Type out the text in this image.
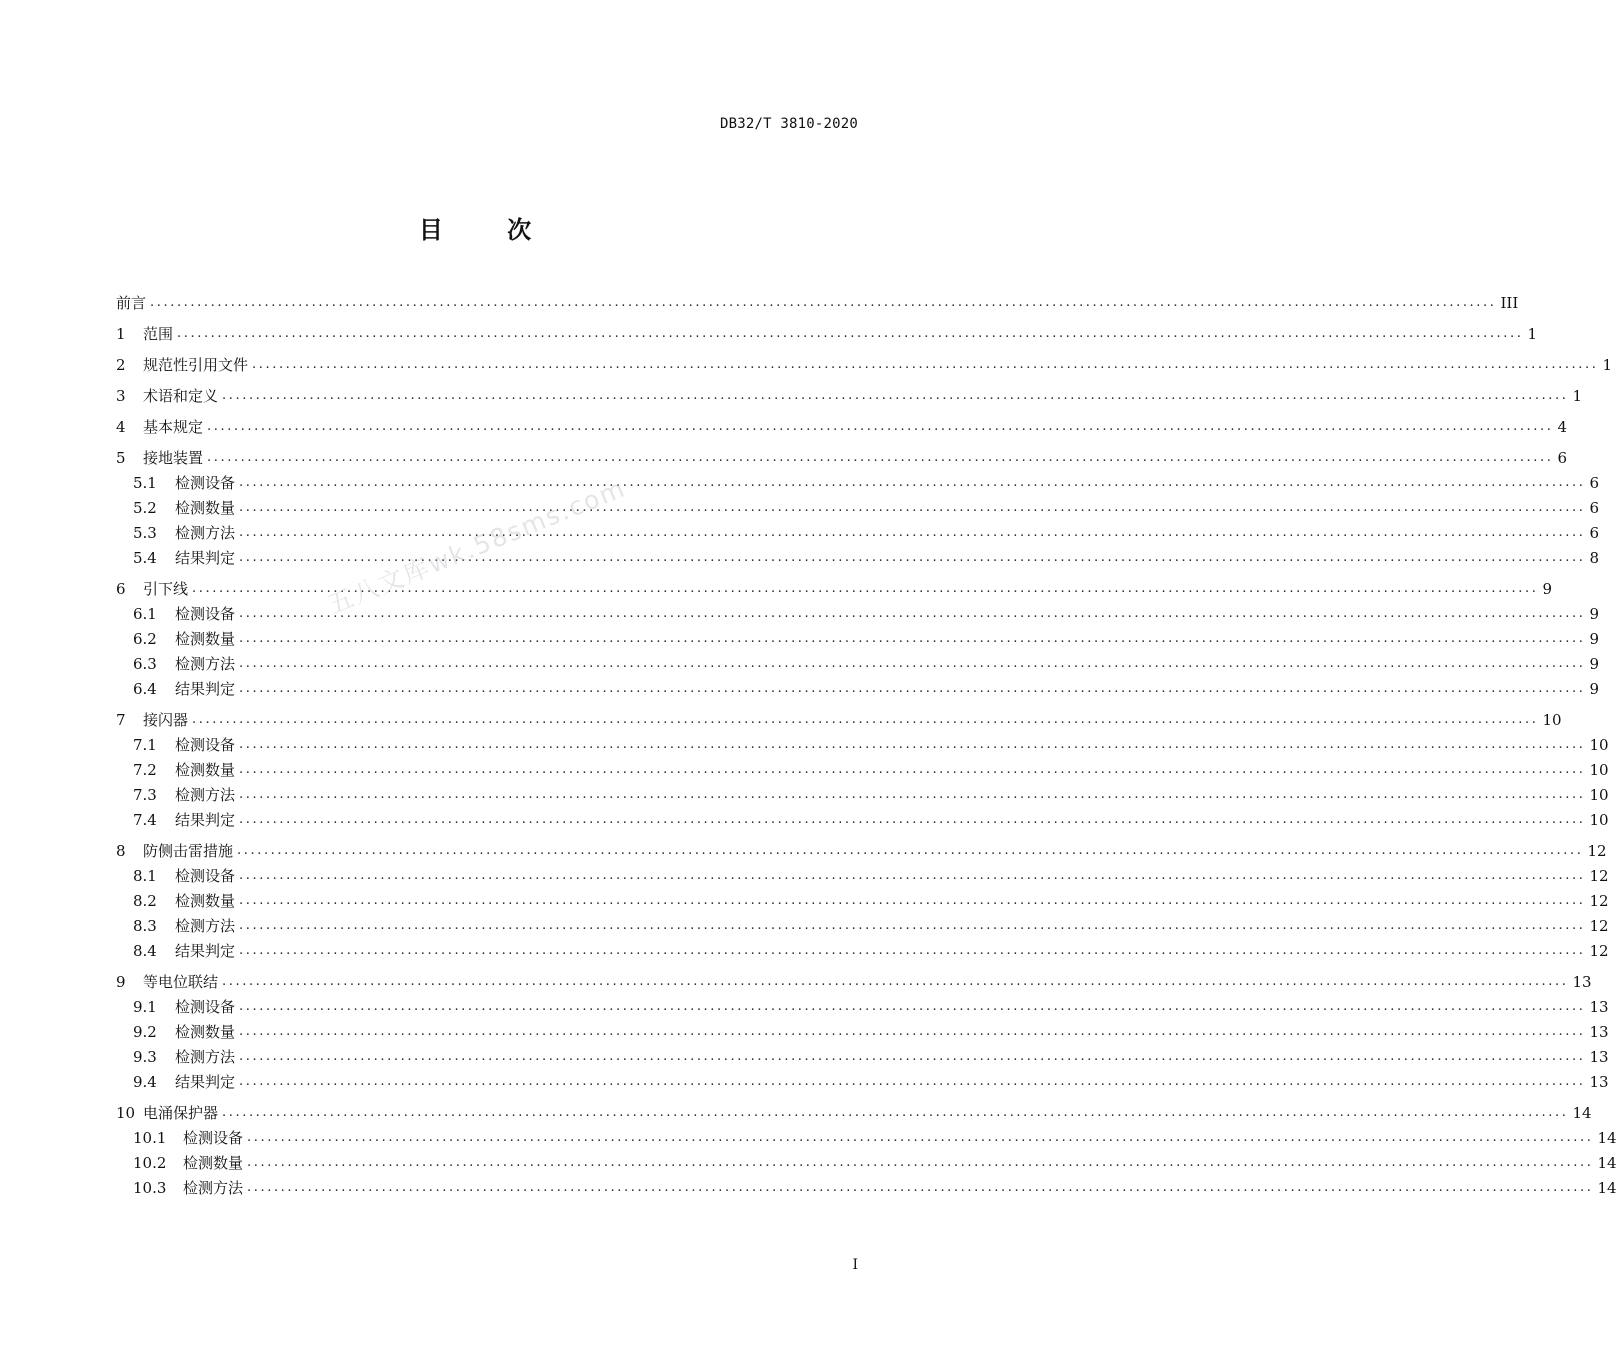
DB32/T 3810-2020
目 次
前言 ........................................................................................................................................................................................................ III
1	范围 ........................................................................................................................................................................................................ 1
2	规范性引用文件 ........................................................................................................................................................................................................ 1
3	术语和定义 ........................................................................................................................................................................................................ 1
4	基本规定 ........................................................................................................................................................................................................ 4
5	接地装置 ........................................................................................................................................................................................................ 6
5.1	检测设备 ........................................................................................................................................................................................................ 6
5.2	检测数量 ........................................................................................................................................................................................................ 6
5.3	检测方法 ........................................................................................................................................................................................................ 6
5.4	结果判定 ........................................................................................................................................................................................................ 8
6	引下线 ........................................................................................................................................................................................................ 9
6.1	检测设备 ........................................................................................................................................................................................................ 9
6.2	检测数量 ........................................................................................................................................................................................................ 9
6.3	检测方法 ........................................................................................................................................................................................................ 9
6.4	结果判定 ........................................................................................................................................................................................................ 9
7	接闪器 ........................................................................................................................................................................................................ 10
7.1	检测设备 ........................................................................................................................................................................................................ 10
7.2	检测数量 ........................................................................................................................................................................................................ 10
7.3	检测方法 ........................................................................................................................................................................................................ 10
7.4	结果判定 ........................................................................................................................................................................................................ 10
8	防侧击雷措施 ........................................................................................................................................................................................................ 12
8.1	检测设备 ........................................................................................................................................................................................................ 12
8.2	检测数量 ........................................................................................................................................................................................................ 12
8.3	检测方法 ........................................................................................................................................................................................................ 12
8.4	结果判定 ........................................................................................................................................................................................................ 12
9	等电位联结 ........................................................................................................................................................................................................ 13
9.1	检测设备 ........................................................................................................................................................................................................ 13
9.2	检测数量 ........................................................................................................................................................................................................ 13
9.3	检测方法 ........................................................................................................................................................................................................ 13
9.4	结果判定 ........................................................................................................................................................................................................ 13
10 电涌保护器 ........................................................................................................................................................................................................ 14
10.1	检测设备 ........................................................................................................................................................................................................ 14
10.2	检测数量 ........................................................................................................................................................................................................ 14
10.3	检测方法 ........................................................................................................................................................................................................ 14
五八文库wk.58sms.com
I
